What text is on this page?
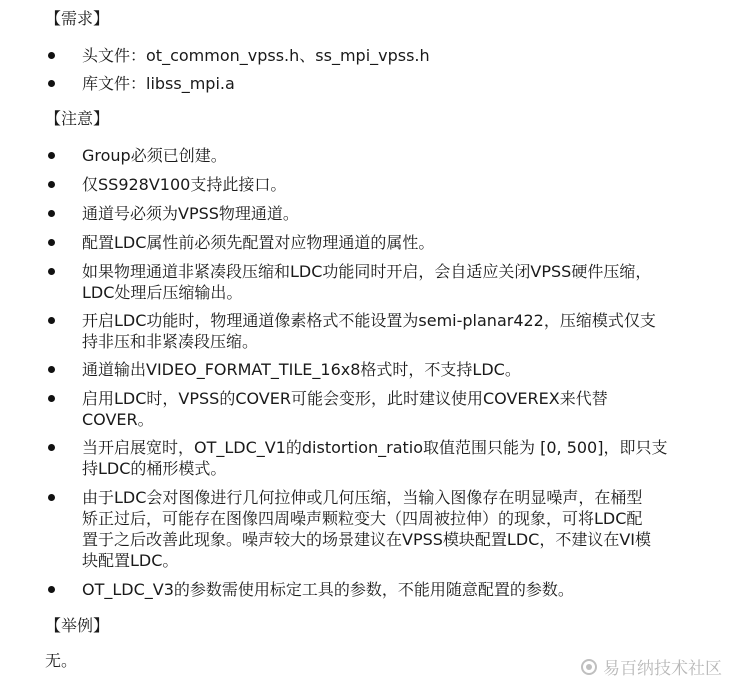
【需求】
头文件：ot_common_vpss.h、ss_mpi_vpss.h
库文件：libss_mpi.a
【注意】
Group必须已创建。
仅SS928V100支持此接口。
通道号必须为VPSS物理通道。
配置LDC属性前必须先配置对应物理通道的属性。
如果物理通道非紧凑段压缩和LDC功能同时开启，会自适应关闭VPSS硬件压缩，
LDC处理后压缩输出。
开启LDC功能时，物理通道像素格式不能设置为semi-planar422，压缩模式仅支
持非压和非紧凑段压缩。
通道输出VIDEO_FORMAT_TILE_16x8格式时，不支持LDC。
启用LDC时，VPSS的COVER可能会变形，此时建议使用COVEREX来代替
COVER。
当开启展宽时，OT_LDC_V1的distortion_ratio取值范围只能为 [0, 500]，即只支
持LDC的桶形模式。
由于LDC会对图像进行几何拉伸或几何压缩，当输入图像存在明显噪声，在桶型
矫正过后，可能存在图像四周噪声颗粒变大（四周被拉伸）的现象，可将LDC配
置于之后改善此现象。噪声较大的场景建议在VPSS模块配置LDC，不建议在VI模
块配置LDC。
OT_LDC_V3的参数需使用标定工具的参数，不能用随意配置的参数。
【举例】
无。	易百纳技术社区
